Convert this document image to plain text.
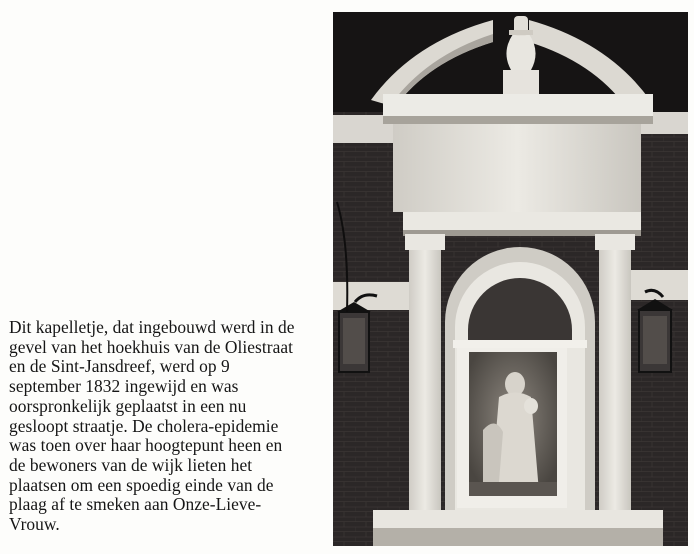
Dit kapelletje, dat ingebouwd werd in de
gevel van het hoekhuis van de Oliestraat
en de Sint-Jansdreef, werd op 9
september 1832 ingewijd en was
oorspronkelijk geplaatst in een nu
gesloopt straatje. De cholera-epidemie
was toen over haar hoogtepunt heen en
de bewoners van de wijk lieten het
plaatsen om een spoedig einde van de
plaag af te smeken aan Onze-Lieve-
Vrouw.
